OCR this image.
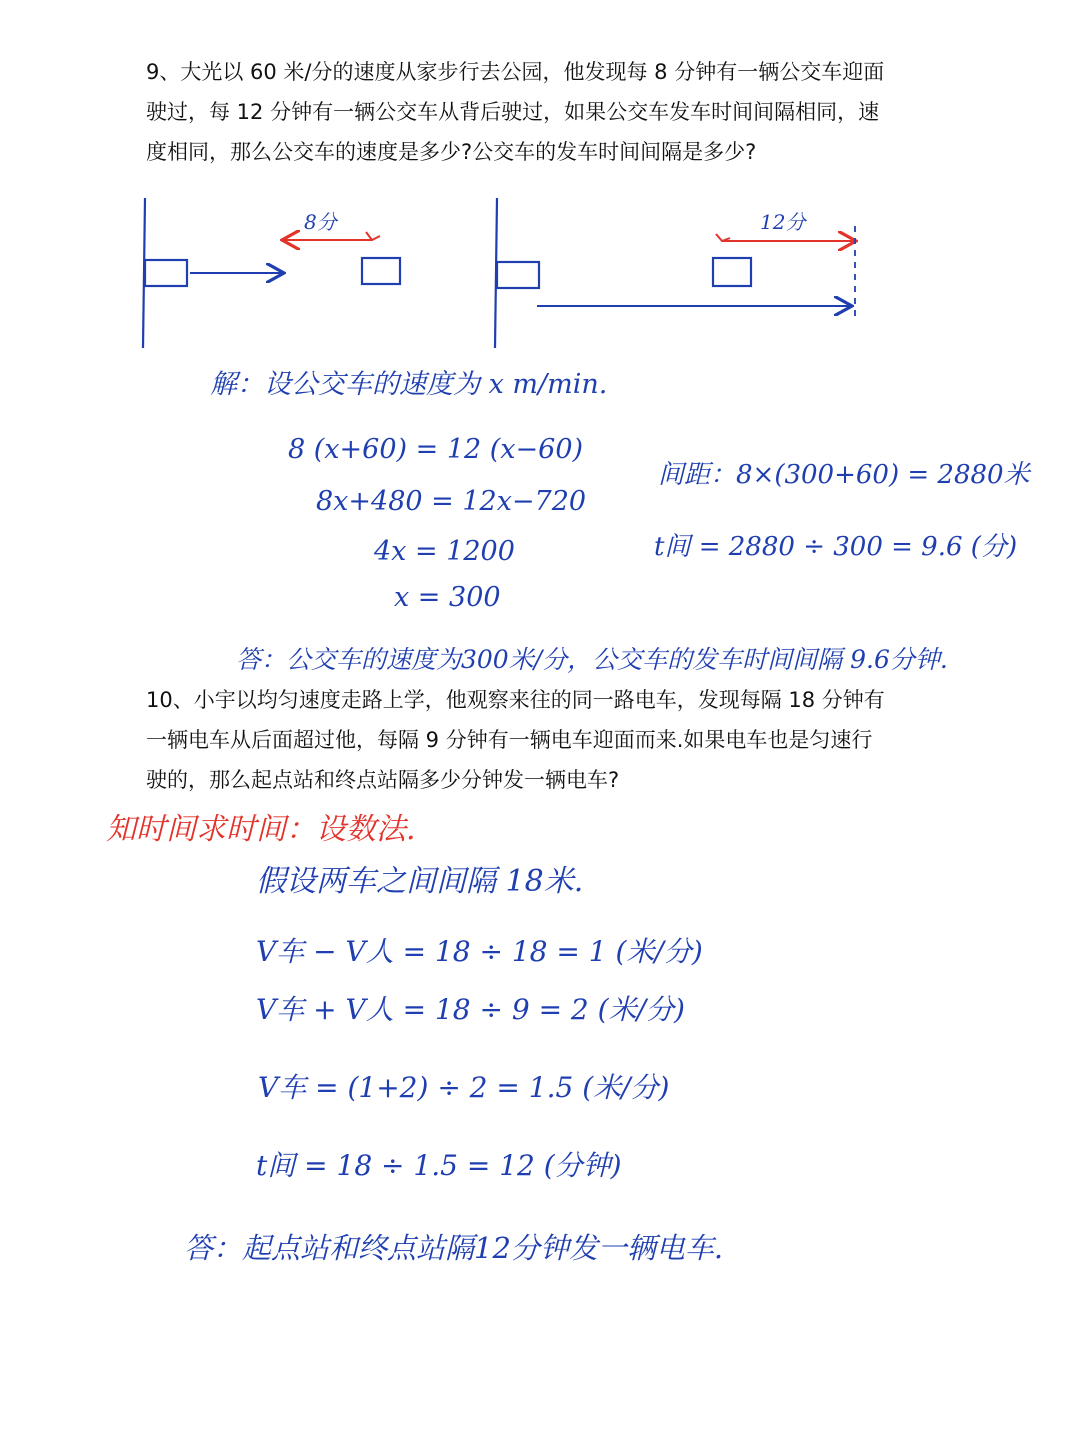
9、大光以 60 米/分的速度从家步行去公园，他发现每 8 分钟有一辆公交车迎面

驶过，每 12 分钟有一辆公交车从背后驶过，如果公交车发车时间间隔相同，速

度相同，那么公交车的速度是多少?公交车的发车时间间隔是多少?

8分	12分
解：设公交车的速度为 x m/min.
8 (x+60) = 12 (x−60)
8x+480 = 12x−720
4x = 1200
x = 300
间距：8×(300+60) = 2880米
t间 = 2880 ÷ 300 = 9.6 (分)
答：公交车的速度为300米/分，公交车的发车时间间隔 9.6分钟.

10、小宇以均匀速度走路上学，他观察来往的同一路电车，发现每隔 18 分钟有

一辆电车从后面超过他，每隔 9 分钟有一辆电车迎面而来.如果电车也是匀速行

驶的，那么起点站和终点站隔多少分钟发一辆电车?

知时间求时间：设数法.
假设两车之间间隔 18米.
V车 − V人 = 18 ÷ 18 = 1 (米/分)
V车 + V人 = 18 ÷ 9 = 2 (米/分)
V车 = (1+2) ÷ 2 = 1.5 (米/分)
t间 = 18 ÷ 1.5 = 12 (分钟)
答：起点站和终点站隔12分钟发一辆电车.
